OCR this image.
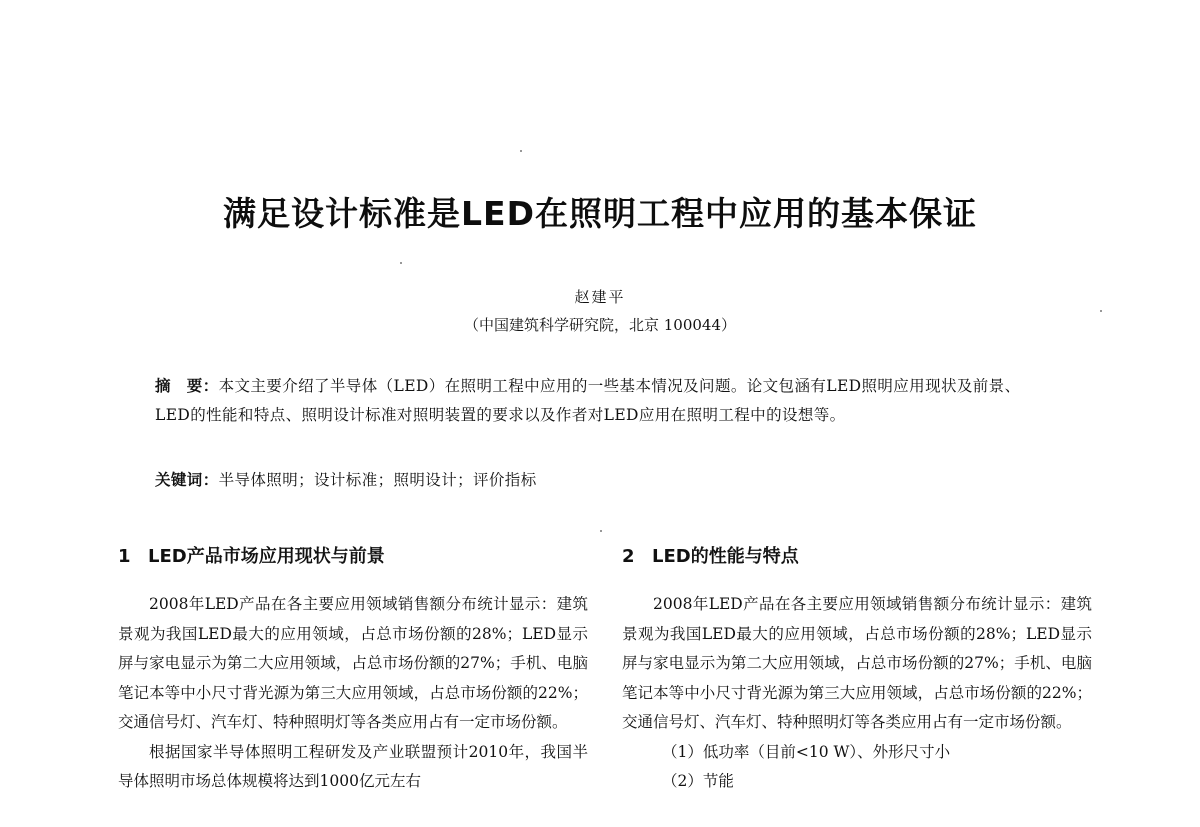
满足设计标准是LED在照明工程中应用的基本保证
赵建平
（中国建筑科学研究院，北京 100044）
摘　要：本文主要介绍了半导体（LED）在照明工程中应用的一些基本情况及问题。论文包涵有LED照明应用现状及前景、LED的性能和特点、照明设计标准对照明装置的要求以及作者对LED应用在照明工程中的设想等。
关键词：半导体照明；设计标准；照明设计；评价指标
1 LED产品市场应用现状与前景

2008年LED产品在各主要应用领域销售额分布统计显示：建筑景观为我国LED最大的应用领域，占总市场份额的28%；LED显示屏与家电显示为第二大应用领域，占总市场份额的27%；手机、电脑笔记本等中小尺寸背光源为第三大应用领域，占总市场份额的22%；交通信号灯、汽车灯、特种照明灯等各类应用占有一定市场份额。

根据国家半导体照明工程研发及产业联盟预计2010年，我国半导体照明市场总体规模将达到1000亿元左右

2 LED的性能与特点

2008年LED产品在各主要应用领域销售额分布统计显示：建筑景观为我国LED最大的应用领域，占总市场份额的28%；LED显示屏与家电显示为第二大应用领域，占总市场份额的27%；手机、电脑笔记本等中小尺寸背光源为第三大应用领域，占总市场份额的22%；交通信号灯、汽车灯、特种照明灯等各类应用占有一定市场份额。

（1）低功率（目前<10 W）、外形尺寸小

（2）节能
